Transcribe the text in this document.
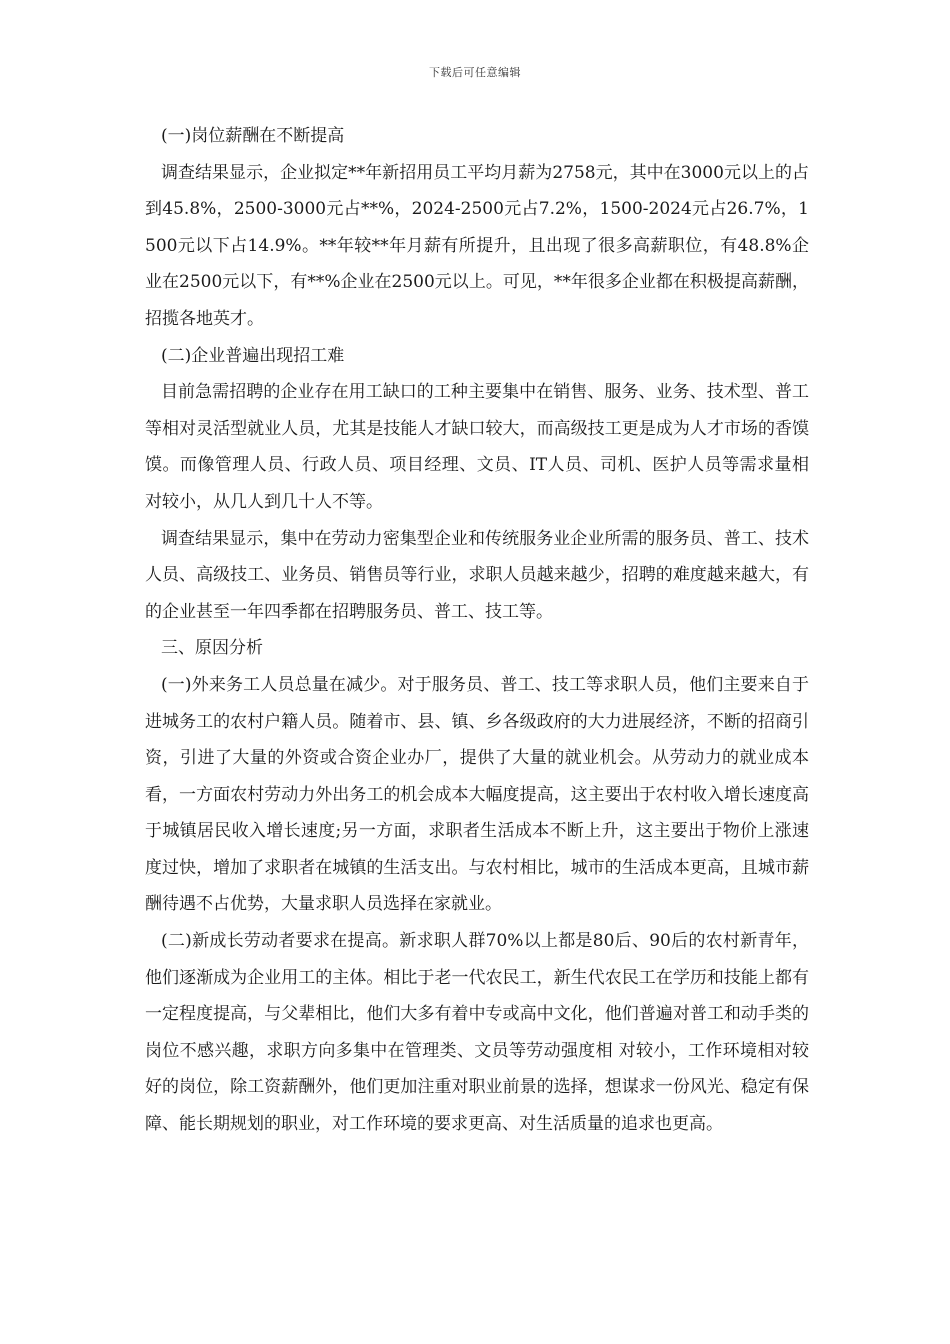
下载后可任意编辑

(一)岗位薪酬在不断提高

调查结果显示，企业拟定**年新招用员工平均月薪为2758元，其中在3000元以上的占到45.8%，2500-3000元占**%，2024-2500元占7.2%，1500-2024元占26.7%，1500元以下占14.9%。**年较**年月薪有所提升，且出现了很多高薪职位，有48.8%企业在2500元以下，有**%企业在2500元以上。可见，**年很多企业都在积极提高薪酬，招揽各地英才。

(二)企业普遍出现招工难

目前急需招聘的企业存在用工缺口的工种主要集中在销售、服务、业务、技术型、普工等相对灵活型就业人员，尤其是技能人才缺口较大，而高级技工更是成为人才市场的香馍馍。而像管理人员、行政人员、项目经理、文员、IT人员、司机、医护人员等需求量相对较小，从几人到几十人不等。

调查结果显示，集中在劳动力密集型企业和传统服务业企业所需的服务员、普工、技术人员、高级技工、业务员、销售员等行业，求职人员越来越少，招聘的难度越来越大，有的企业甚至一年四季都在招聘服务员、普工、技工等。

三、原因分析

(一)外来务工人员总量在减少。对于服务员、普工、技工等求职人员，他们主要来自于进城务工的农村户籍人员。随着市、县、镇、乡各级政府的大力进展经济，不断的招商引资，引进了大量的外资或合资企业办厂，提供了大量的就业机会。从劳动力的就业成本看，一方面农村劳动力外出务工的机会成本大幅度提高，这主要出于农村收入增长速度高于城镇居民收入增长速度;另一方面，求职者生活成本不断上升，这主要出于物价上涨速度过快，增加了求职者在城镇的生活支出。与农村相比，城市的生活成本更高，且城市薪酬待遇不占优势，大量求职人员选择在家就业。

(二)新成长劳动者要求在提高。新求职人群70%以上都是80后、90后的农村新青年，他们逐渐成为企业用工的主体。相比于老一代农民工，新生代农民工在学历和技能上都有一定程度提高，与父辈相比，他们大多有着中专或高中文化，他们普遍对普工和动手类的岗位不感兴趣，求职方向多集中在管理类、文员等劳动强度相 对较小，工作环境相对较好的岗位，除工资薪酬外，他们更加注重对职业前景的选择，想谋求一份风光、稳定有保障、能长期规划的职业，对工作环境的要求更高、对生活质量的追求也更高。
